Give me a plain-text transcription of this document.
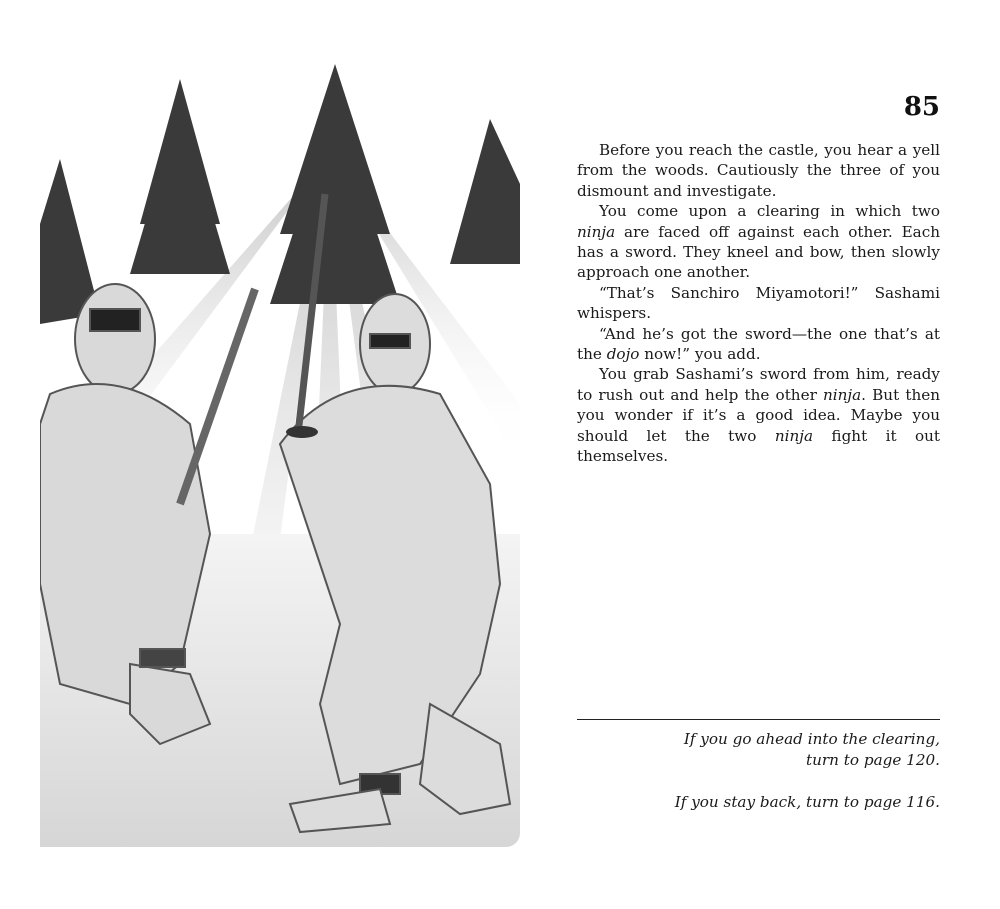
85

Before you reach the castle, you hear a yell from the woods. Cautiously the three of you dismount and investigate.

You come upon a clearing in which two ninja are faced off against each other. Each has a sword. They kneel and bow, then slowly approach one another.

“That’s Sanchiro Miyamotori!” Sashami whispers.

“And he’s got the sword—the one that’s at the dojo now!” you add.

You grab Sashami’s sword from him, ready to rush out and help the other ninja. But then you wonder if it’s a good idea. Maybe you should let the two ninja fight it out themselves.

If you go ahead into the clearing,
turn to page 120.
If you stay back, turn to page 116.
